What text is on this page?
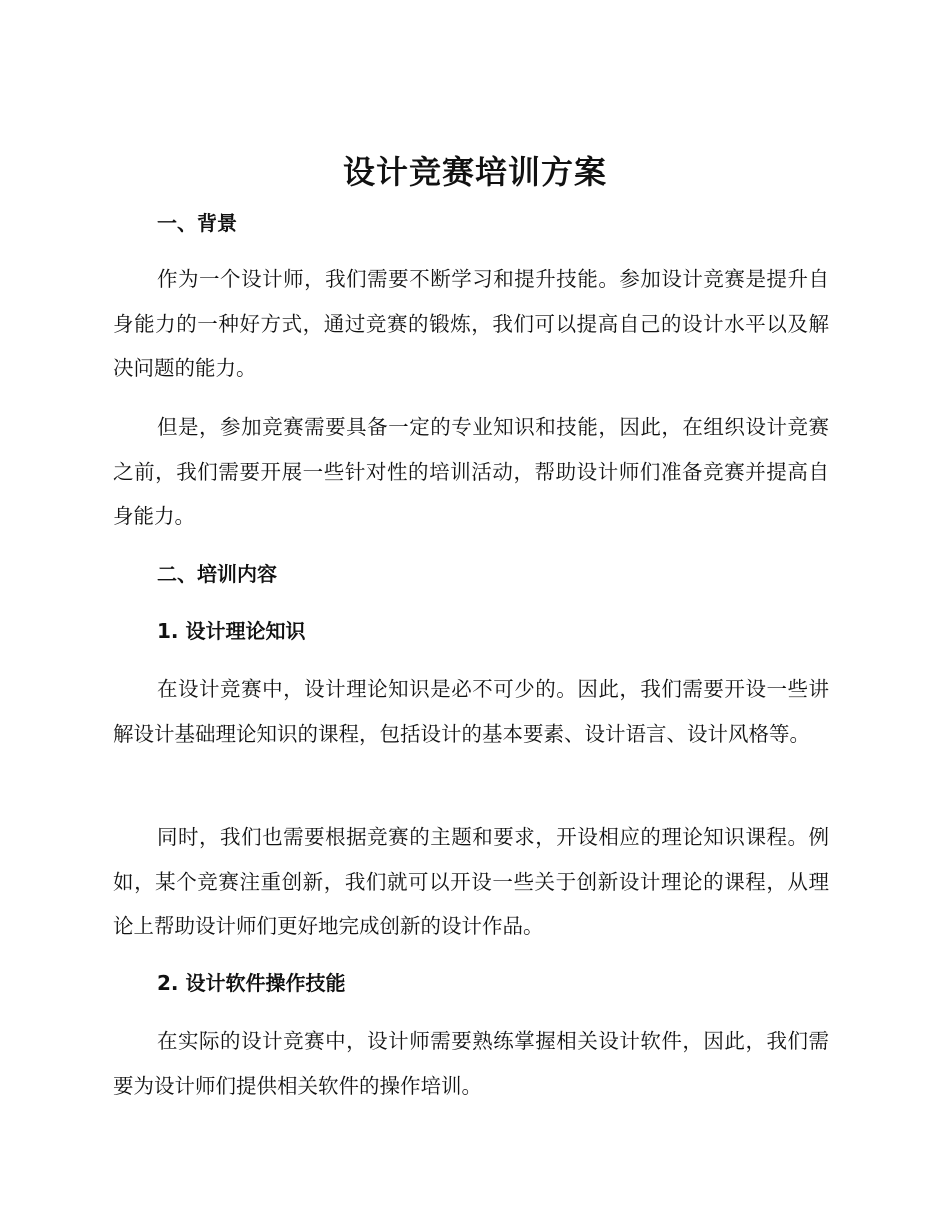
设计竞赛培训方案
一、背景

作为一个设计师，我们需要不断学习和提升技能。参加设计竞赛是提升自身能力的一种好方式，通过竞赛的锻炼，我们可以提高自己的设计水平以及解决问题的能力。

但是，参加竞赛需要具备一定的专业知识和技能，因此，在组织设计竞赛之前，我们需要开展一些针对性的培训活动，帮助设计师们准备竞赛并提高自身能力。

二、培训内容
1. 设计理论知识

在设计竞赛中，设计理论知识是必不可少的。因此，我们需要开设一些讲解设计基础理论知识的课程，包括设计的基本要素、设计语言、设计风格等。

同时，我们也需要根据竞赛的主题和要求，开设相应的理论知识课程。例如，某个竞赛注重创新，我们就可以开设一些关于创新设计理论的课程，从理论上帮助设计师们更好地完成创新的设计作品。

2. 设计软件操作技能

在实际的设计竞赛中，设计师需要熟练掌握相关设计软件，因此，我们需要为设计师们提供相关软件的操作培训。
